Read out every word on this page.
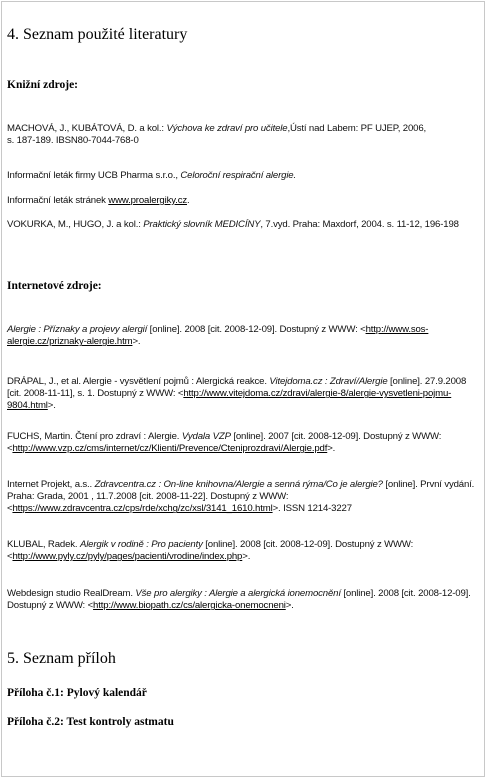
4. Seznam použité literatury
Knižní zdroje:
MACHOVÁ, J., KUBÁTOVÁ, D. a kol.: Výchova ke zdraví pro učitele,Ústí nad Labem: PF UJEP, 2006,
s. 187-189. IBSN80-7044-768-0
Informační leták firmy UCB Pharma s.r.o., Celoroční respirační alergie.
Informační leták stránek www.proalergiky.cz.
VOKURKA, M., HUGO, J. a kol.: Praktický slovník MEDICÍNY, 7.vyd. Praha: Maxdorf, 2004. s. 11-12, 196-198
Internetové zdroje:
Alergie : Příznaky a projevy alergií [online]. 2008 [cit. 2008-12-09]. Dostupný z WWW: <http://www.sos-alergie.cz/priznaky-alergie.htm>.
DRÁPAL, J., et al. Alergie - vysvětlení pojmů : Alergická reakce. Vitejdoma.cz : Zdraví/Alergie [online]. 27.9.2008 [cit. 2008-11-11], s. 1. Dostupný z WWW: <http://www.vitejdoma.cz/zdravi/alergie-8/alergie-vysvetleni-pojmu-9804.html>.
FUCHS, Martin. Čtení pro zdraví : Alergie. Vydala VZP [online]. 2007 [cit. 2008-12-09]. Dostupný z WWW: <http://www.vzp.cz/cms/internet/cz/Klienti/Prevence/Cteniprozdravi/Alergie.pdf>.
Internet Projekt, a.s.. Zdravcentra.cz : On-line knihovna/Alergie a senná rýma/Co je alergie? [online]. První vydání. Praha: Grada, 2001 , 11.7.2008 [cit. 2008-11-22]. Dostupný z WWW: <https://www.zdravcentra.cz/cps/rde/xchg/zc/xsl/3141_1610.html>. ISSN 1214-3227
KLUBAL, Radek. Alergik v rodině : Pro pacienty [online]. 2008 [cit. 2008-12-09]. Dostupný z WWW: <http://www.pyly.cz/pyly/pages/pacienti/vrodine/index.php>.
Webdesign studio RealDream. Vše pro alergiky : Alergie a alergická ionemocnění [online]. 2008 [cit. 2008-12-09]. Dostupný z WWW: <http://www.biopath.cz/cs/alergicka-onemocneni>.
5. Seznam příloh
Příloha č.1: Pylový kalendář
Příloha č.2: Test kontroly astmatu
